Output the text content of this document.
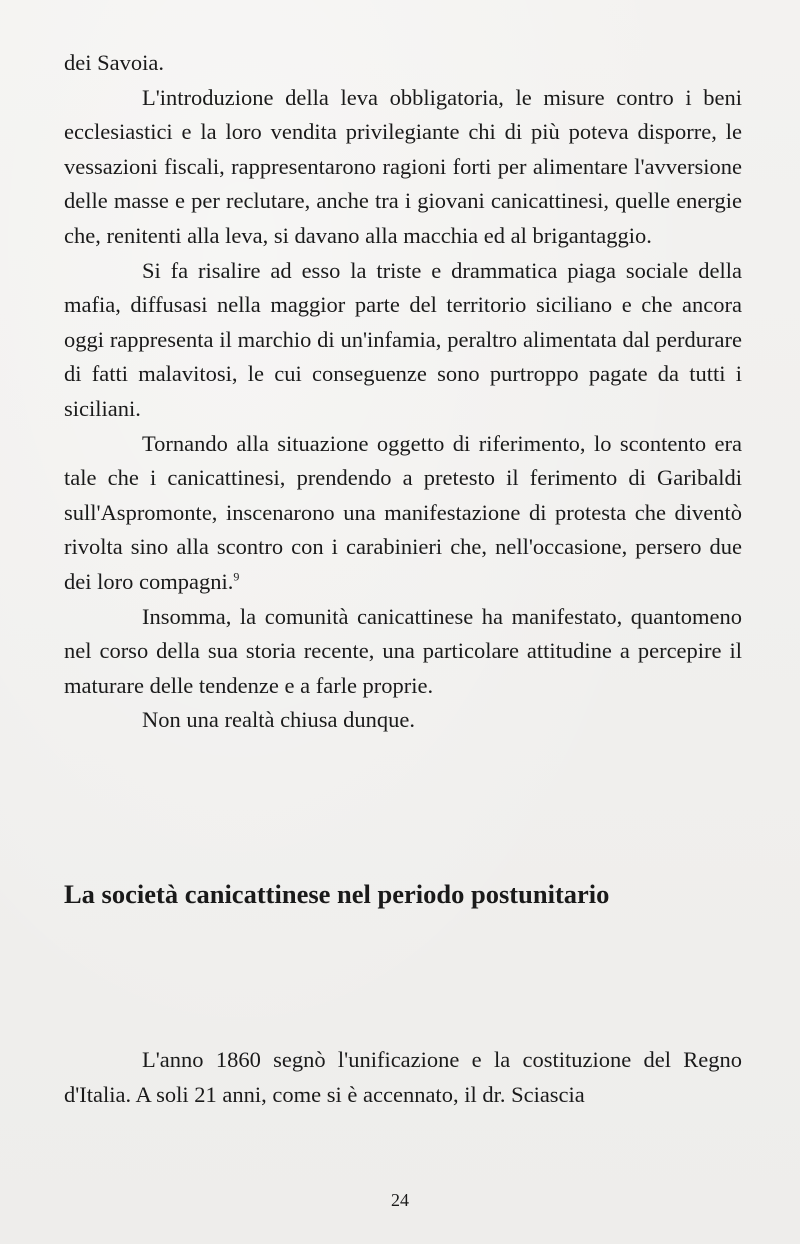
dei Savoia.

L'introduzione della leva obbligatoria, le misure contro i beni ecclesiastici e la loro vendita privilegiante chi di più poteva disporre, le vessazioni fiscali, rappresentarono ragioni forti per alimentare l'avversione delle masse e per reclutare, anche tra i giovani canicattinesi, quelle energie che, renitenti alla leva, si davano alla macchia ed al brigantaggio.

Si fa risalire ad esso la triste e drammatica piaga sociale della mafia, diffusasi nella maggior parte del territorio siciliano e che ancora oggi rappresenta il marchio di un'infamia, peraltro alimentata dal perdurare di fatti malavitosi, le cui conseguenze sono purtroppo pagate da tutti i siciliani.

Tornando alla situazione oggetto di riferimento, lo scontento era tale che i canicattinesi, prendendo a pretesto il ferimento di Garibaldi sull'Aspromonte, inscenarono una manifestazione di protesta che diventò rivolta sino alla scontro con i carabinieri che, nell'occasione, persero due dei loro compagni.$^9$

Insomma, la comunità canicattinese ha manifestato, quantomeno nel corso della sua storia recente, una particolare attitudine a percepire il maturare delle tendenze e a farle proprie.

Non una realtà chiusa dunque.

La società canicattinese nel periodo postunitario

L'anno 1860 segnò l'unificazione e la costituzione del Regno d'Italia. A soli 21 anni, come si è accennato, il dr. Sciascia

24
